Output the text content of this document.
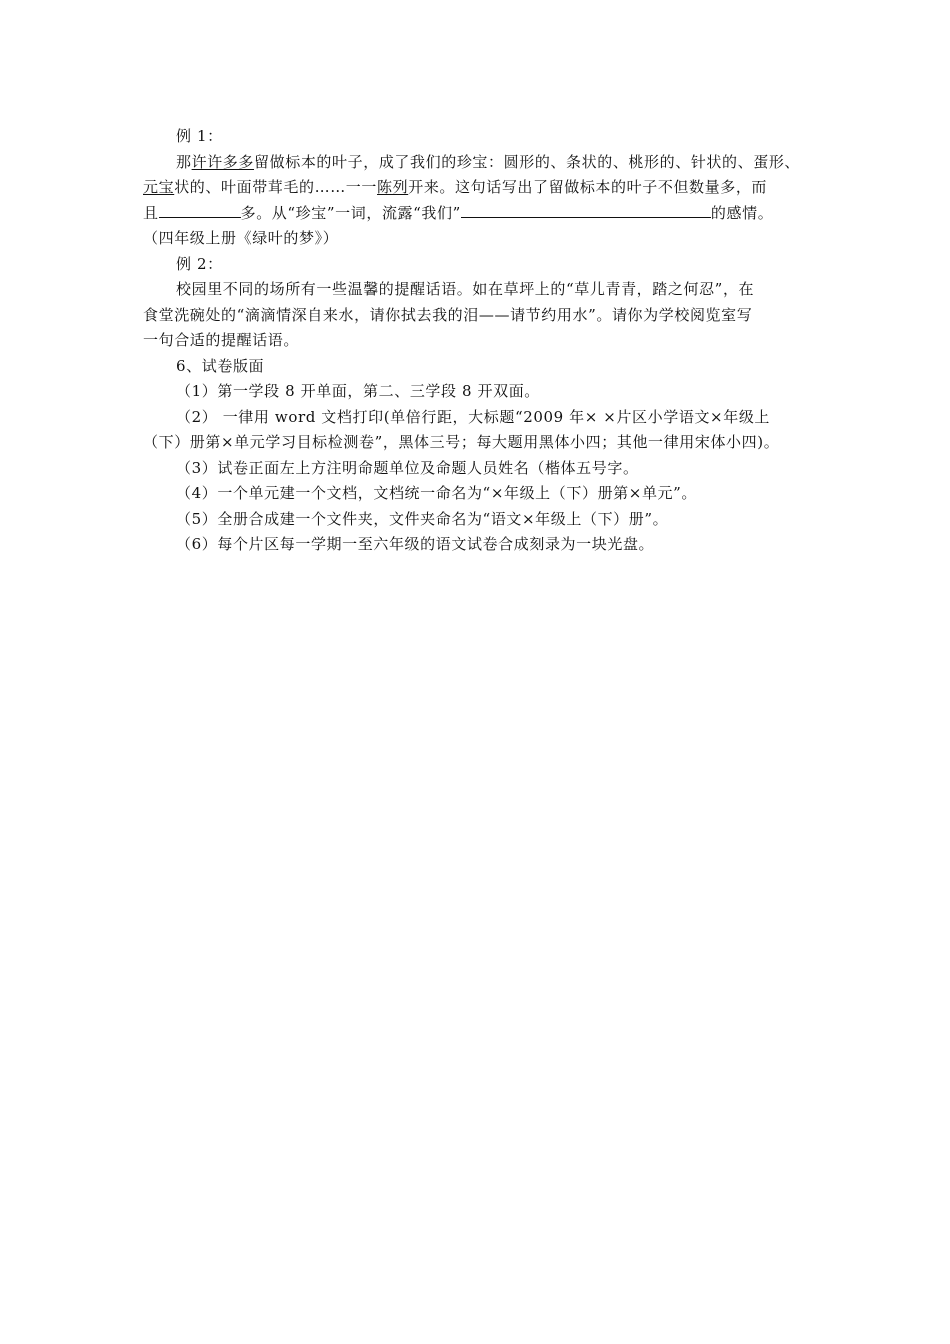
例 1：
那许许多多留做标本的叶子，成了我们的珍宝：圆形的、条状的、桃形的、针状的、蛋形、
元宝状的、叶面带茸毛的……一一陈列开来。这句话写出了留做标本的叶子不但数量多，而
且	多。从“珍宝”一词，流露“我们”	的感情。
（四年级上册《绿叶的梦》）
例 2：
校园里不同的场所有一些温馨的提醒话语。如在草坪上的“草儿青青，踏之何忍”，在
食堂洗碗处的“滴滴情深自来水，请你拭去我的泪——请节约用水”。请你为学校阅览室写
一句合适的提醒话语。
6、试卷版面
（1）第一学段 8 开单面，第二、三学段 8 开双面。
（2） 一律用 word 文档打印(单倍行距，大标题“2009 年× ×片区小学语文×年级上
（下）册第×单元学习目标检测卷”，黑体三号；每大题用黑体小四；其他一律用宋体小四)。
（3）试卷正面左上方注明命题单位及命题人员姓名（楷体五号字。
（4）一个单元建一个文档，文档统一命名为“×年级上（下）册第×单元”。
（5）全册合成建一个文件夹，文件夹命名为“语文×年级上（下）册”。
（6）每个片区每一学期一至六年级的语文试卷合成刻录为一块光盘。
